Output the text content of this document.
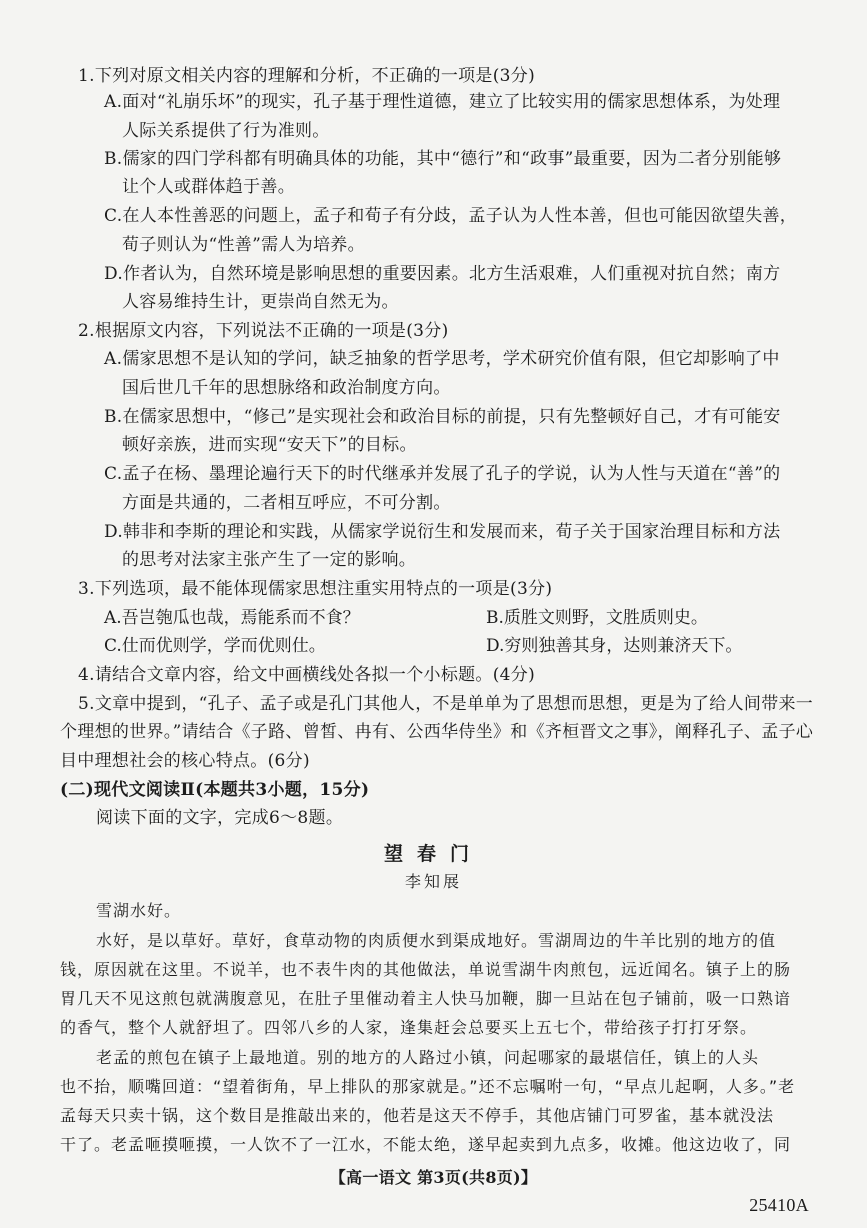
1.下列对原文相关内容的理解和分析，不正确的一项是(3分)
A.面对“礼崩乐坏”的现实，孔子基于理性道德，建立了比较实用的儒家思想体系，为处理
人际关系提供了行为准则。
B.儒家的四门学科都有明确具体的功能，其中“德行”和“政事”最重要，因为二者分别能够
让个人或群体趋于善。
C.在人本性善恶的问题上，孟子和荀子有分歧，孟子认为人性本善，但也可能因欲望失善，
荀子则认为“性善”需人为培养。
D.作者认为，自然环境是影响思想的重要因素。北方生活艰难，人们重视对抗自然；南方
人容易维持生计，更崇尚自然无为。
2.根据原文内容，下列说法不正确的一项是(3分)
A.儒家思想不是认知的学问，缺乏抽象的哲学思考，学术研究价值有限，但它却影响了中
国后世几千年的思想脉络和政治制度方向。
B.在儒家思想中，“修己”是实现社会和政治目标的前提，只有先整顿好自己，才有可能安
顿好亲族，进而实现“安天下”的目标。
C.孟子在杨、墨理论遍行天下的时代继承并发展了孔子的学说，认为人性与天道在“善”的
方面是共通的，二者相互呼应，不可分割。
D.韩非和李斯的理论和实践，从儒家学说衍生和发展而来，荀子关于国家治理目标和方法
的思考对法家主张产生了一定的影响。
3.下列选项，最不能体现儒家思想注重实用特点的一项是(3分)
A.吾岂匏瓜也哉，焉能系而不食？	B.质胜文则野，文胜质则史。
C.仕而优则学，学而优则仕。	D.穷则独善其身，达则兼济天下。
4.请结合文章内容，给文中画横线处各拟一个小标题。(4分)
5.文章中提到，“孔子、孟子或是孔门其他人，不是单单为了思想而思想，更是为了给人间带来一
个理想的世界。”请结合《子路、曾皙、冉有、公西华侍坐》和《齐桓晋文之事》，阐释孔子、孟子心
目中理想社会的核心特点。(6分)
(二)现代文阅读Ⅱ(本题共3小题，15分)
阅读下面的文字，完成6～8题。
望春门
李知展
雪湖水好。
水好，是以草好。草好，食草动物的肉质便水到渠成地好。雪湖周边的牛羊比别的地方的值
钱，原因就在这里。不说羊，也不表牛肉的其他做法，单说雪湖牛肉煎包，远近闻名。镇子上的肠
胃几天不见这煎包就满腹意见，在肚子里催动着主人快马加鞭，脚一旦站在包子铺前，吸一口熟谙
的香气，整个人就舒坦了。四邻八乡的人家，逢集赶会总要买上五七个，带给孩子打打牙祭。
老孟的煎包在镇子上最地道。别的地方的人路过小镇，问起哪家的最堪信任，镇上的人头
也不抬，顺嘴回道：“望着街角，早上排队的那家就是。”还不忘嘱咐一句，“早点儿起啊，人多。”老
孟每天只卖十锅，这个数目是推敲出来的，他若是这天不停手，其他店铺门可罗雀，基本就没法
干了。老孟咂摸咂摸，一人饮不了一江水，不能太绝，遂早起卖到九点多，收摊。他这边收了，同
【高一语文 第3页(共8页)】
25410A
